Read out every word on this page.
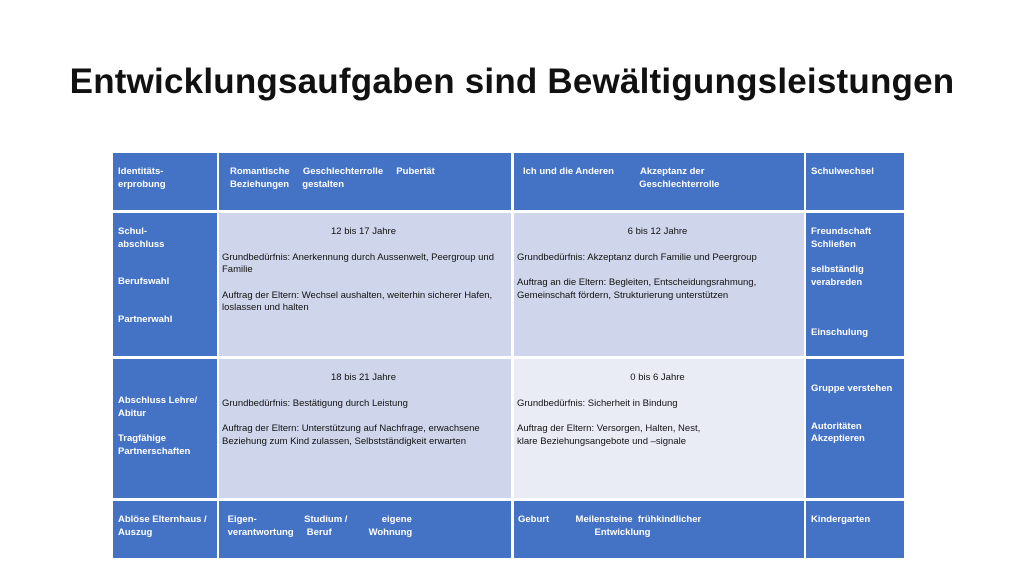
Entwicklungsaufgaben sind Bewältigungsleistungen
Identitäts-
erprobung
Romantische     Geschlechterrolle     Pubertät
Beziehungen     gestalten
Ich und die Anderen          Akzeptanz der
Geschlechterrolle
Schulwechsel
Schul-
abschluss
Berufswahl
Partnerwahl
12 bis 17 Jahre
Grundbedürfnis: Anerkennung durch Aussenwelt, Peergroup und Familie
Auftrag der Eltern: Wechsel aushalten, weiterhin sicherer Hafen, loslassen und halten
6 bis 12 Jahre
Grundbedürfnis: Akzeptanz durch Familie und Peergroup
Auftrag an die Eltern: Begleiten, Entscheidungsrahmung, Gemeinschaft fördern, Strukturierung unterstützen
Freundschaft
Schließen
selbständig
verabreden
Einschulung
Abschluss Lehre/
Abitur
Tragfähige
Partnerschaften
18 bis 21 Jahre
Grundbedürfnis: Bestätigung durch Leistung
Auftrag der Eltern: Unterstützung auf Nachfrage, erwachsene Beziehung zum Kind zulassen, Selbstständigkeit erwarten
0 bis 6 Jahre
Grundbedürfnis: Sicherheit in Bindung
Auftrag der Eltern: Versorgen, Halten, Nest,
klare Beziehungsangebote und –signale
Gruppe verstehen
Autoritäten
Akzeptieren
Ablöse Elternhaus /
Auszug
Eigen-                  Studium /             eigene
verantwortung     Beruf              Wohnung
Geburt          Meilensteine  frühkindlicher
Entwicklung
Kindergarten
